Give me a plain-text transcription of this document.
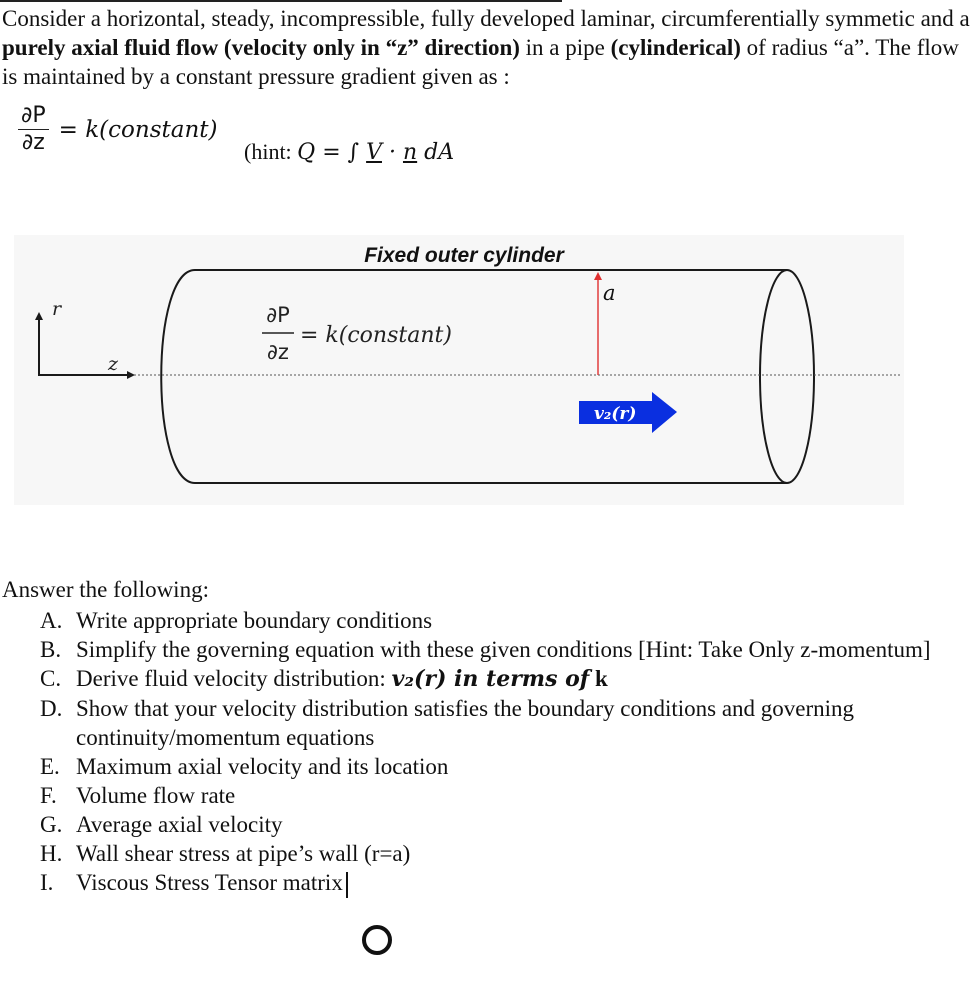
Consider a horizontal, steady, incompressible, fully developed laminar, circumferentially symmetic and a purely axial fluid flow (velocity only in “z” direction) in a pipe (cylinderical) of radius “a”. The flow is maintained by a constant pressure gradient given as :

$\frac{\partial P}{\partial z}$ = k(constant)
(hint: Q = ∫ V · n dA
r
z
Fixed outer cylinder
a
∂P
∂z
= k(constant)
v₂(r)

Answer the following:

A. Write appropriate boundary conditions
B. Simplify the governing equation with these given conditions [Hint: Take Only z-momentum]
C. Derive fluid velocity distribution: v₂(r) in terms of k
D. Show that your velocity distribution satisfies the boundary conditions and governing continuity/momentum equations
E. Maximum axial velocity and its location
F. Volume flow rate
G. Average axial velocity
H. Wall shear stress at pipe’s wall (r=a)
I. Viscous Stress Tensor matrix
